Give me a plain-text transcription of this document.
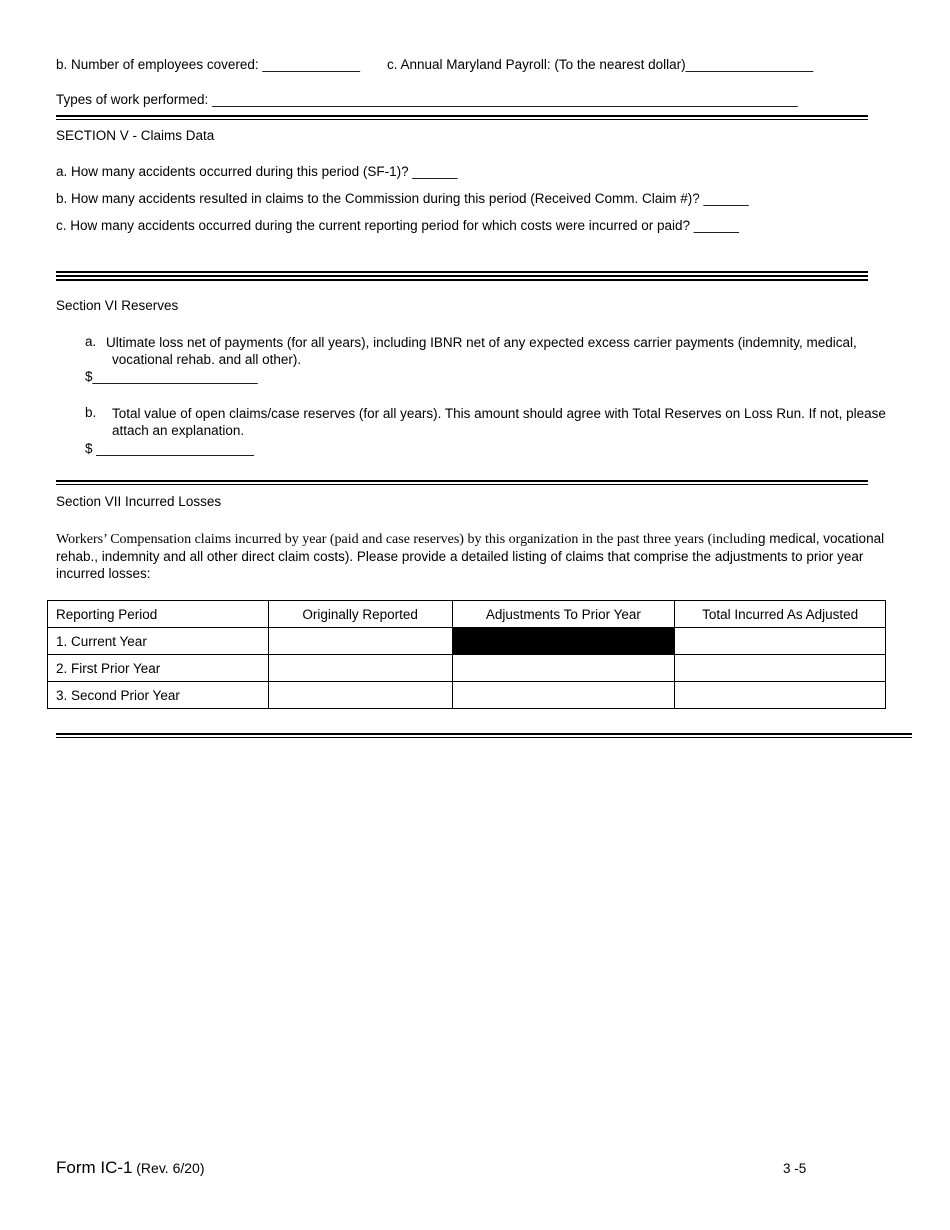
b. Number of employees covered: _____________ c. Annual Maryland Payroll: (To the nearest dollar)_________________
Types of work performed: ______________________________________________________________________________
SECTION V - Claims Data
a. How many accidents occurred during this period (SF-1)? ______
b. How many accidents resulted in claims to the Commission during this period (Received Comm. Claim #)? ______
c. How many accidents occurred during the current reporting period for which costs were incurred or paid? ______
Section VI Reserves
a. Ultimate loss net of payments (for all years), including IBNR net of any expected excess carrier payments (indemnity, medical, vocational rehab. and all other).
$______________________
b. Total value of open claims/case reserves (for all years). This amount should agree with Total Reserves on Loss Run. If not, please attach an explanation.
$ _____________________
Section VII Incurred Losses
Workers’ Compensation claims incurred by year (paid and case reserves) by this organization in the past three years (including medical, vocational rehab., indemnity and all other direct claim costs). Please provide a detailed listing of claims that comprise the adjustments to prior year incurred losses:
Reporting Period	Originally Reported	Adjustments To Prior Year	Total Incurred As Adjusted
1. Current Year			
2. First Prior Year			
3. Second Prior Year			
Form IC-1 (Rev. 6/20)	3 -5
